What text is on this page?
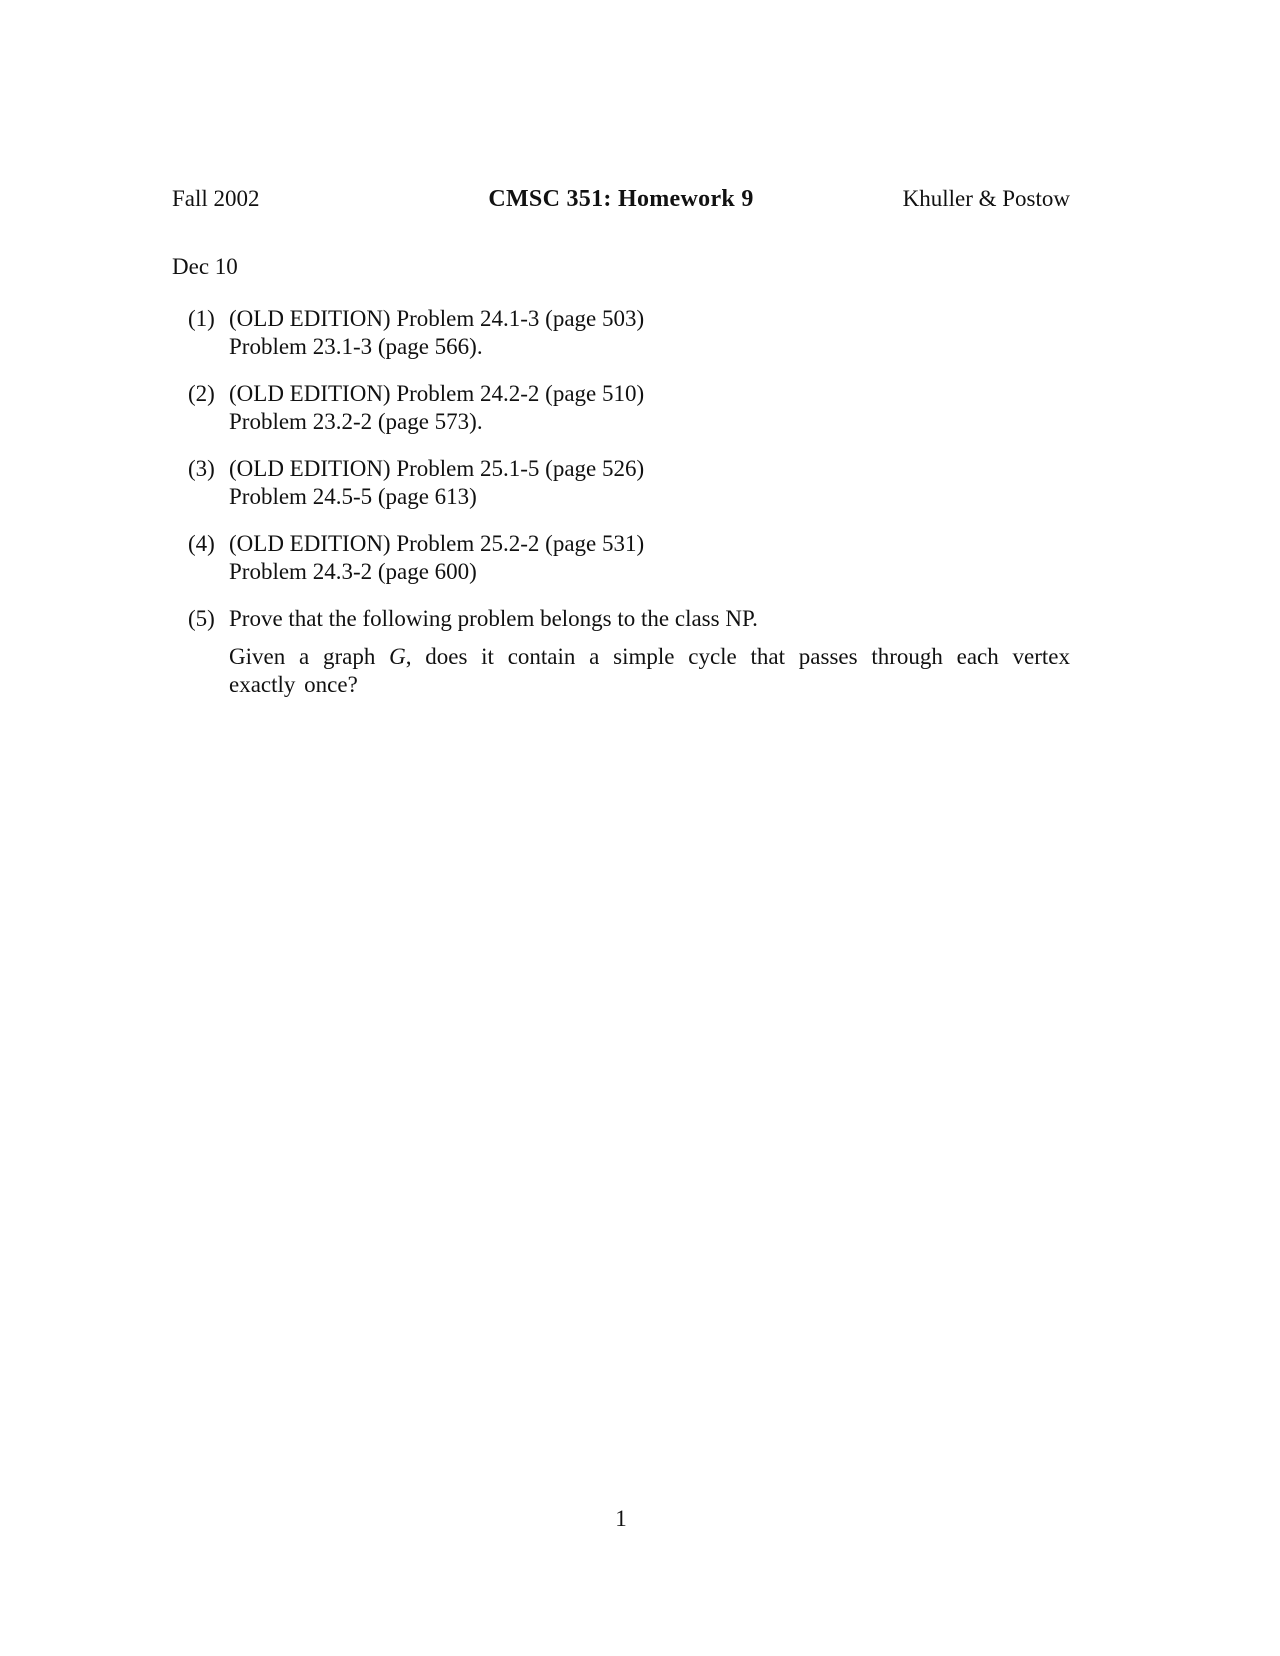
Fall 2002	CMSC 351: Homework 9	Khuller & Postow
Dec 10
(1) (OLD EDITION) Problem 24.1-3 (page 503)
Problem 23.1-3 (page 566).
(2) (OLD EDITION) Problem 24.2-2 (page 510)
Problem 23.2-2 (page 573).
(3) (OLD EDITION) Problem 25.1-5 (page 526)
Problem 24.5-5 (page 613)
(4) (OLD EDITION) Problem 25.2-2 (page 531)
Problem 24.3-2 (page 600)
(5) Prove that the following problem belongs to the class NP.
Given a graph G, does it contain a simple cycle that passes through each vertex exactly once?
1
